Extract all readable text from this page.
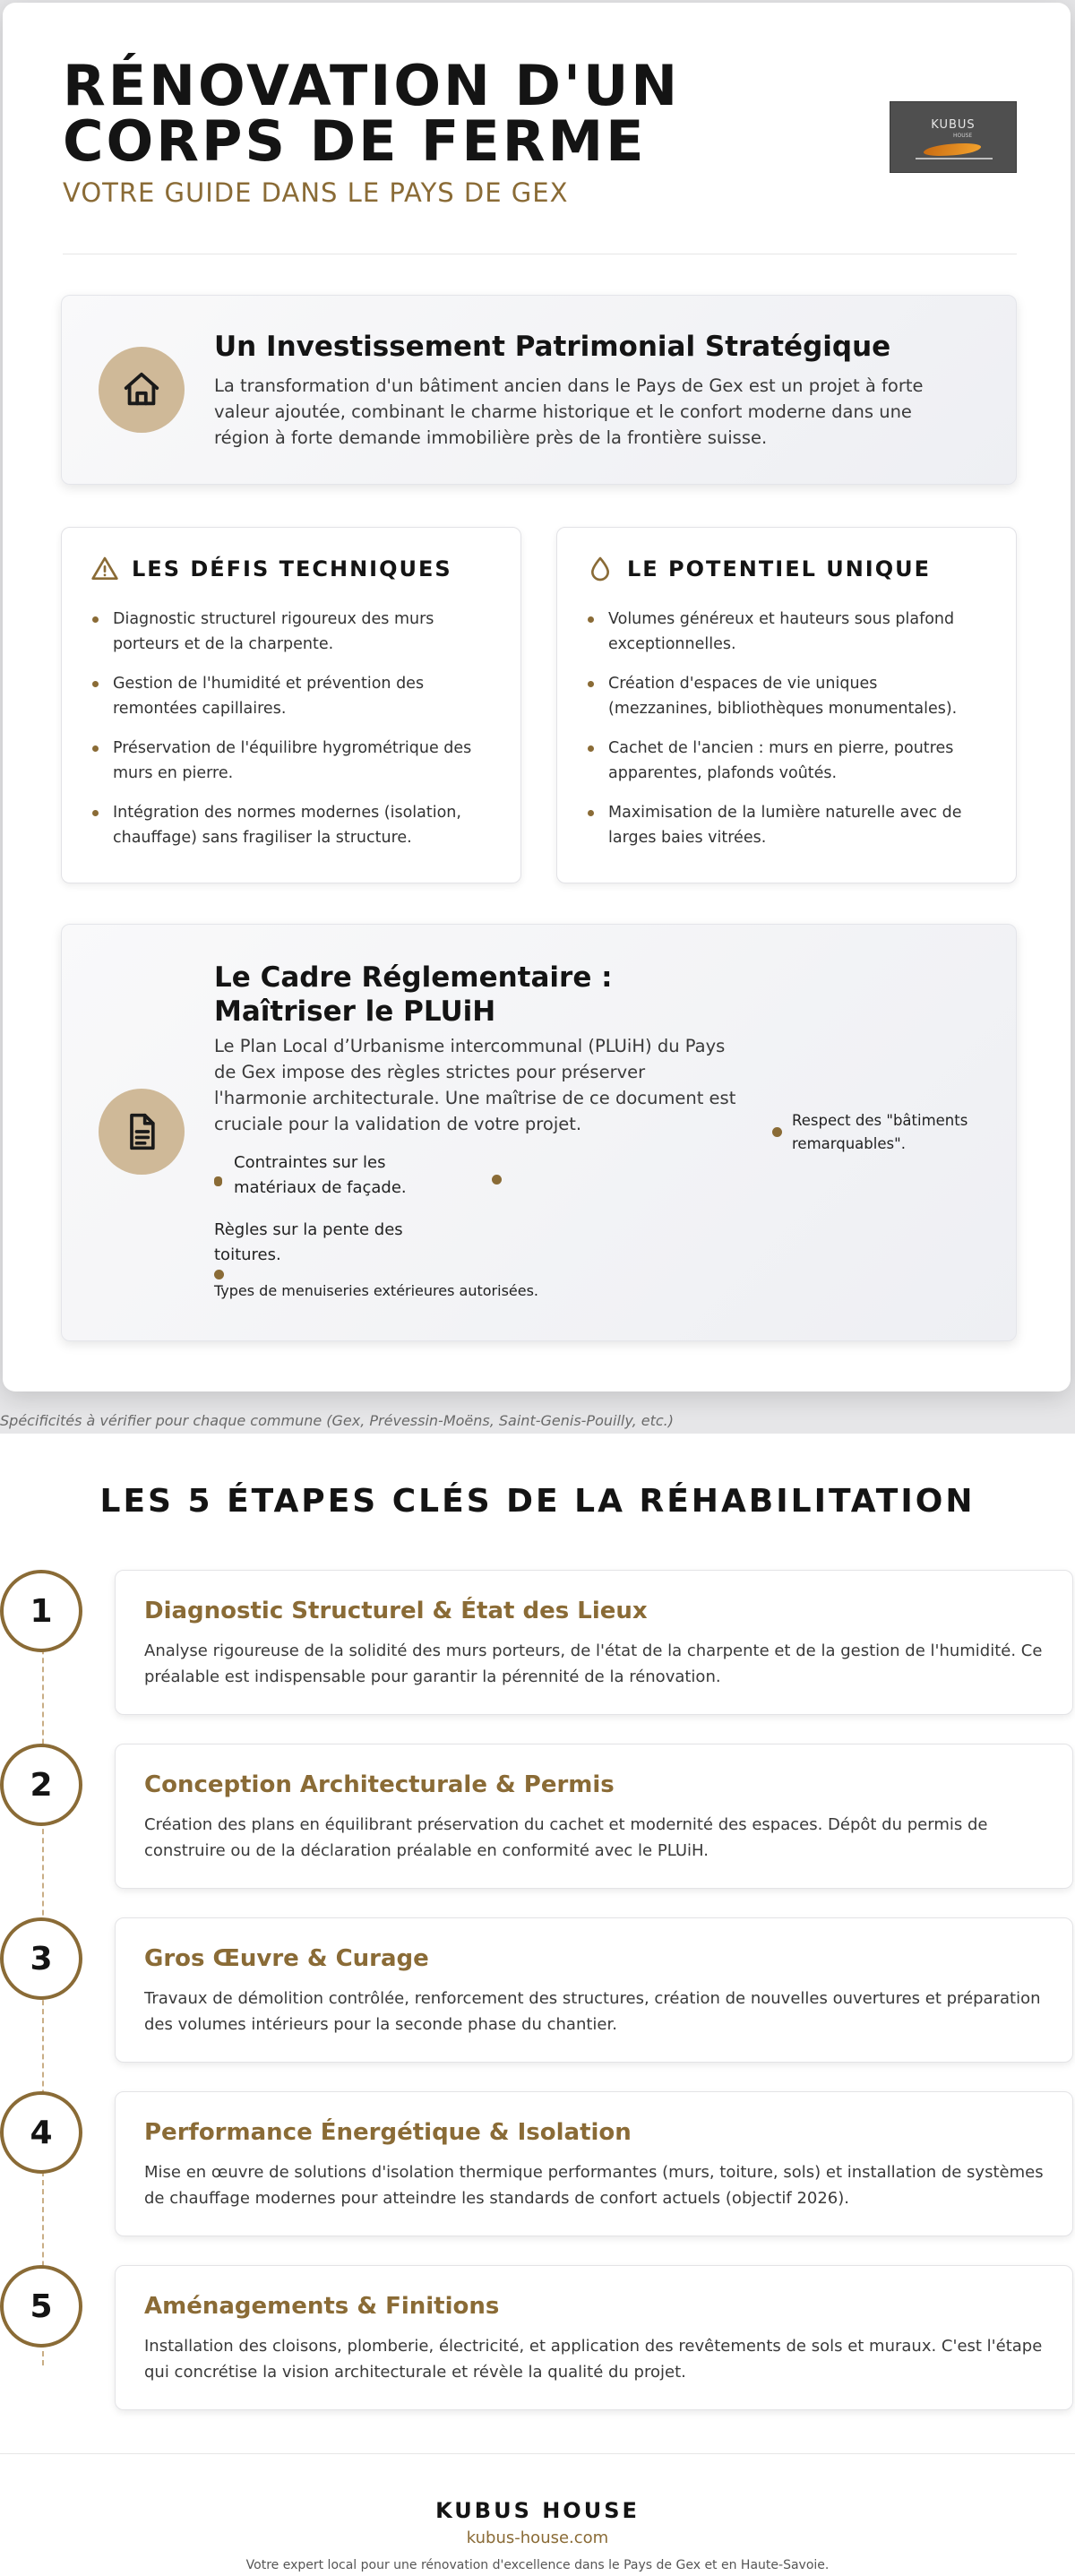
RÉNOVATION D'UN
CORPS DE FERME
VOTRE GUIDE DANS LE PAYS DE GEX
KUBUS
HOUSE
Un Investissement Patrimonial Stratégique

La transformation d'un bâtiment ancien dans le Pays de Gex est un projet à forte valeur ajoutée, combinant le charme historique et le confort moderne dans une région à forte demande immobilière près de la frontière suisse.

LES DÉFIS TECHNIQUES
Diagnostic structurel rigoureux des murs porteurs et de la charpente.
Gestion de l'humidité et prévention des remontées capillaires.
Préservation de l'équilibre hygrométrique des murs en pierre.
Intégration des normes modernes (isolation, chauffage) sans fragiliser la structure.
LE POTENTIEL UNIQUE
Volumes généreux et hauteurs sous plafond exceptionnelles.
Création d'espaces de vie uniques (mezzanines, bibliothèques monumentales).
Cachet de l'ancien : murs en pierre, poutres apparentes, plafonds voûtés.
Maximisation de la lumière naturelle avec de larges baies vitrées.
Le Cadre Réglementaire :
Maîtriser le PLUiH

Le Plan Local d’Urbanisme intercommunal (PLUiH) du Pays de Gex impose des règles strictes pour préserver l'harmonie architecturale. Une maîtrise de ce document est cruciale pour la validation de votre projet.

Contraintes sur les matériaux de façade.
Règles sur la pente des toitures.
Types de menuiseries extérieures autorisées.
Respect des "bâtiments remarquables".
Spécificités à vérifier pour chaque commune (Gex, Prévessin-Moëns, Saint-Genis-Pouilly, etc.)
LES 5 ÉTAPES CLÉS DE LA RÉHABILITATION
1	Diagnostic Structurel & État des Lieux

Analyse rigoureuse de la solidité des murs porteurs, de l'état de la charpente et de la gestion de l'humidité. Ce préalable est indispensable pour garantir la pérennité de la rénovation.

2	Conception Architecturale & Permis

Création des plans en équilibrant préservation du cachet et modernité des espaces. Dépôt du permis de construire ou de la déclaration préalable en conformité avec le PLUiH.

3	Gros Œuvre & Curage

Travaux de démolition contrôlée, renforcement des structures, création de nouvelles ouvertures et préparation des volumes intérieurs pour la seconde phase du chantier.

4	Performance Énergétique & Isolation

Mise en œuvre de solutions d'isolation thermique performantes (murs, toiture, sols) et installation de systèmes de chauffage modernes pour atteindre les standards de confort actuels (objectif 2026).

5	Aménagements & Finitions

Installation des cloisons, plomberie, électricité, et application des revêtements de sols et muraux. C'est l'étape qui concrétise la vision architecturale et révèle la qualité du projet.

KUBUS HOUSE
kubus-house.com
Votre expert local pour une rénovation d'excellence dans le Pays de Gex et en Haute-Savoie.
